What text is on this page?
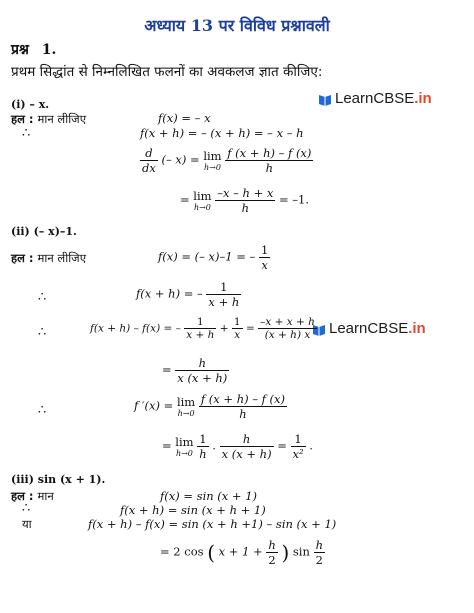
अध्याय 13 पर विविध प्रश्नावली
प्रश्न 1.
प्रथम सिद्धांत से निम्नलिखित फलनों का अवकलज ज्ञात कीजिए:
LearnCBSE .in
(i) – x.
हल : मान लीजिए	f(x) = – x
∴	f(x + h) = – (x + h) = – x – h
$\frac{d}{dx}$ (– x) = lim
h→0
$\frac{f (x + h) - f (x)}{h}$
= lim
h→0
$\frac{-x - h + x}{h} = -1$.
(ii) (– x)–1.
हल : मान लीजिए	f(x) = (– x)–1 = – $\frac{1}{x}$
∴	f(x + h) = – $\frac{1}{x + h}$
LearnCBSE .in
∴	f(x + h) – f(x) = – $\frac{1}{x + h} + \frac{1}{x} = \frac{-x + x + h}{(x + h) x}$
= $\frac{h}{x (x + h)}$
∴	f ′(x) = lim
h→0
$\frac{f (x + h) - f (x)}{h}$
= lim
h→0
$\frac{1}{h}$ . $\frac{h}{x (x + h)} = \frac{1}{\text{x²}}$ .
(iii) sin (x + 1).
हल : मान	f(x) = sin (x + 1)
∴	f(x + h) = sin (x + h + 1)
या	f(x + h) – f(x) = sin (x + h +1) – sin (x + 1)
= 2 cos ( $x + 1 + \frac{h}{2}$ ) $\sin \frac{h}{2}$
